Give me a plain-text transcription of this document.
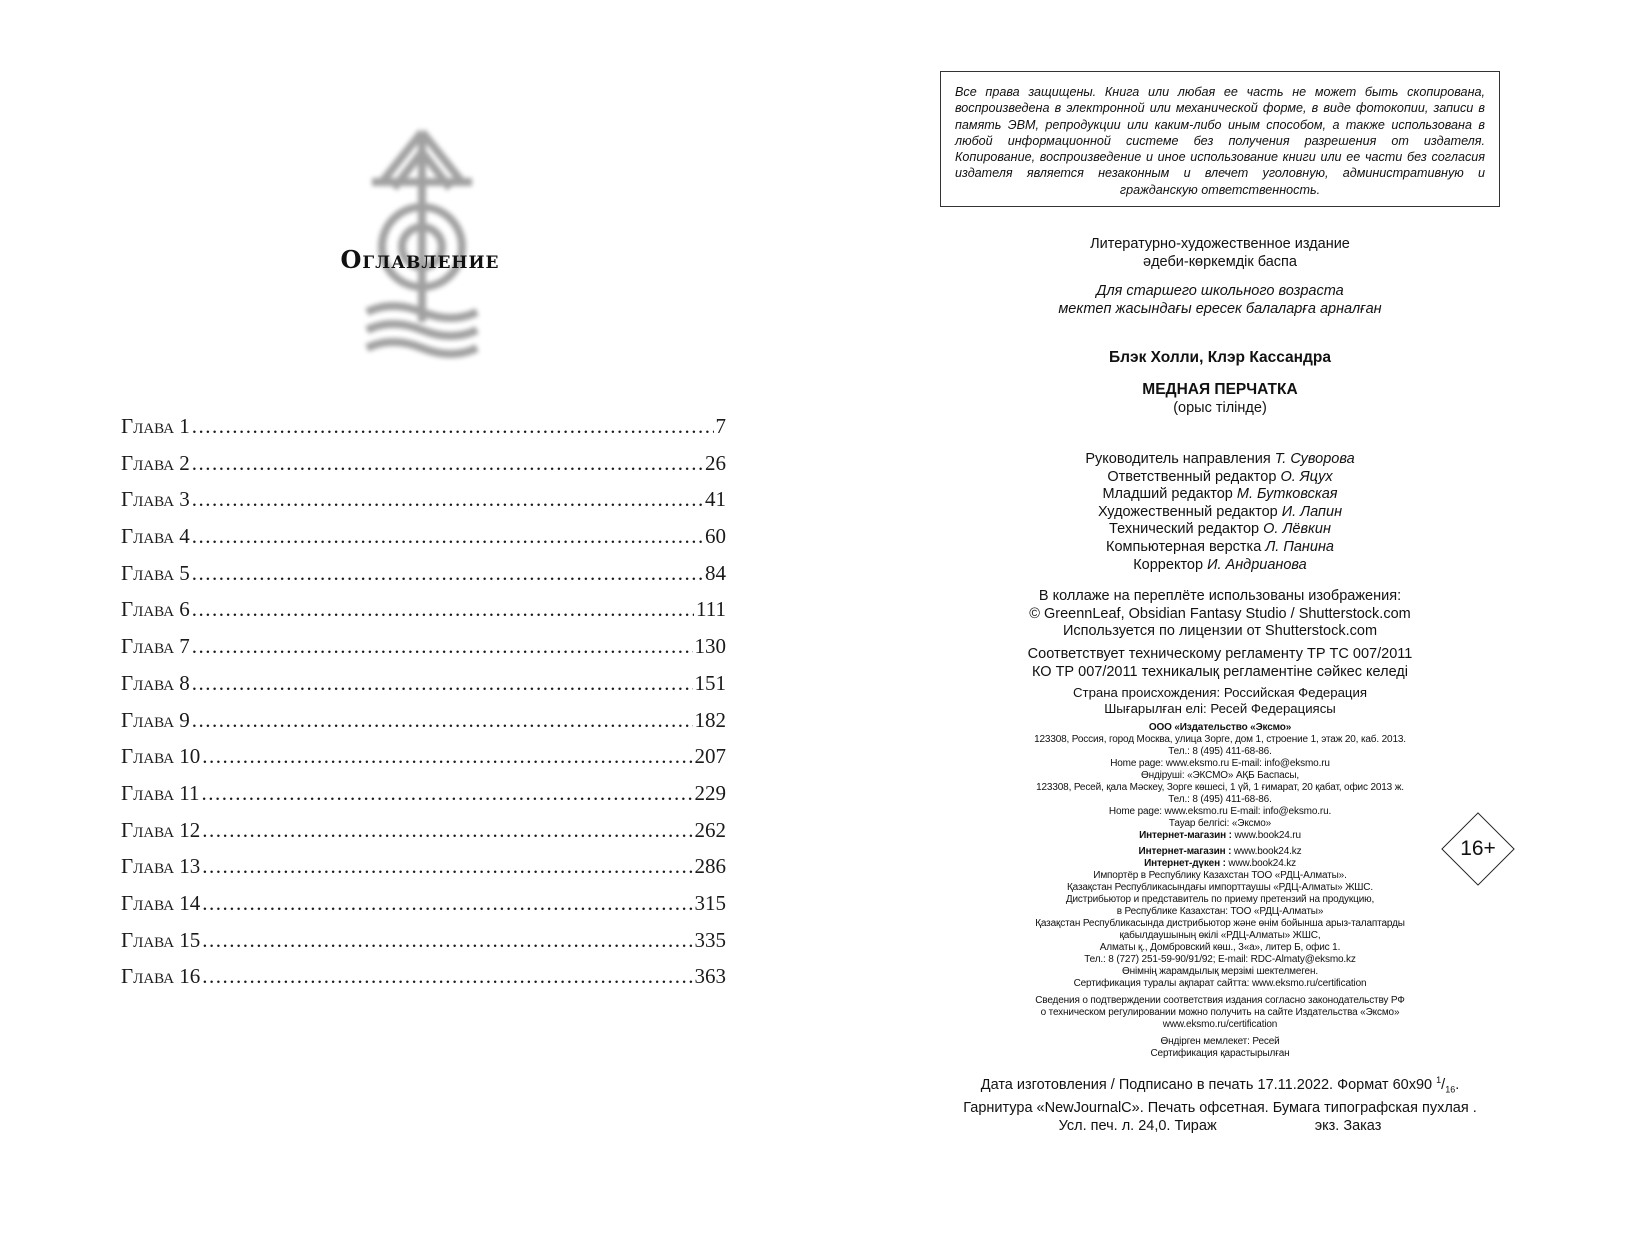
Оглавление
Глава 1 .....	7
Глава 2 .....	26
Глава 3 .....	41
Глава 4 .....	60
Глава 5 .....	84
Глава 6 .....	111
Глава 7 .....	130
Глава 8 .....	151
Глава 9 .....	182
Глава 10 .....	207
Глава 11 .....	229
Глава 12 .....	262
Глава 13 .....	286
Глава 14 .....	315
Глава 15 .....	335
Глава 16 .....	363
Все права защищены. Книга или любая ее часть не может быть скопирована, воспроизведена в электронной или механической форме, в виде фотокопии, записи в память ЭВМ, репродукции или каким-либо иным способом, а также использована в любой информационной системе без получения разрешения от издателя. Копирование, воспроизведение и иное использование книги или ее части без согласия издателя является незаконным и влечет уголовную, административную и гражданскую ответственность.
Литературно-художественное издание
әдеби-көркемдік баспа
Для старшего школьного возраста
мектеп жасындағы ересек балаларға арналған
Блэк Холли, Клэр Кассандра
МЕДНАЯ ПЕРЧАТКА
(орыс тілінде)
Руководитель направления Т. Суворова
Ответственный редактор О. Яцух
Младший редактор М. Бутковская
Художественный редактор И. Лапин
Технический редактор О. Лёвкин
Компьютерная верстка Л. Панина
Корректор И. Андрианова
В коллаже на переплёте использованы изображения:
© GreennLeaf, Obsidian Fantasy Studio / Shutterstock.com
Используется по лицензии от Shutterstock.com
Соответствует техническому регламенту ТР ТС 007/2011
КО ТР 007/2011 техникалық регламентіне сәйкес келеді
Страна происхождения: Российская Федерация
Шығарылған елі: Ресей Федерациясы
ООО «Издательство «Эксмо»
123308, Россия, город Москва, улица Зорге, дом 1, строение 1, этаж 20, каб. 2013.
Тел.: 8 (495) 411-68-86.
Home page: www.eksmo.ru E-mail: info@eksmo.ru
Өндіруші: «ЭКСМО» АҚБ Баспасы,
123308, Ресей, қала Мәскеу, Зорге көшесі, 1 үй, 1 ғимарат, 20 қабат, офис 2013 ж.
Тел.: 8 (495) 411-68-86.
Home page: www.eksmo.ru E-mail: info@eksmo.ru.
Тауар белгісі: «Эксмо»
Интернет-магазин : www.book24.ru
Интернет-магазин : www.book24.kz
Интернет-дүкен : www.book24.kz
Импортёр в Республику Казахстан ТОО «РДЦ-Алматы».
Қазақстан Республикасындағы импорттаушы «РДЦ-Алматы» ЖШС.
Дистрибьютор и представитель по приему претензий на продукцию,
в Республике Казахстан: ТОО «РДЦ-Алматы»
Қазақстан Республикасында дистрибьютор және өнім бойынша арыз-талаптарды
қабылдаушының өкілі «РДЦ-Алматы» ЖШС,
Алматы қ., Домбровский көш., 3«а», литер Б, офис 1.
Тел.: 8 (727) 251-59-90/91/92; E-mail: RDC-Almaty@eksmo.kz
Өнімнің жарамдылық мерзімі шектелмеген.
Сертификация туралы ақпарат сайтта: www.eksmo.ru/certification
Сведения о подтверждении соответствия издания согласно законодательству РФ
о техническом регулировании можно получить на сайте Издательства «Эксмо»
www.eksmo.ru/certification
Өндірген мемлекет: Ресей
Сертификация қарастырылған
16+
Дата изготовления / Подписано в печать 17.11.2022. Формат 60x90 $^1/_{16}$.
Гарнитура «NewJournalC». Печать офсетная. Бумага типографская пухлая .
Усл. печ. л. 24,0. Тираж	экз. Заказ
